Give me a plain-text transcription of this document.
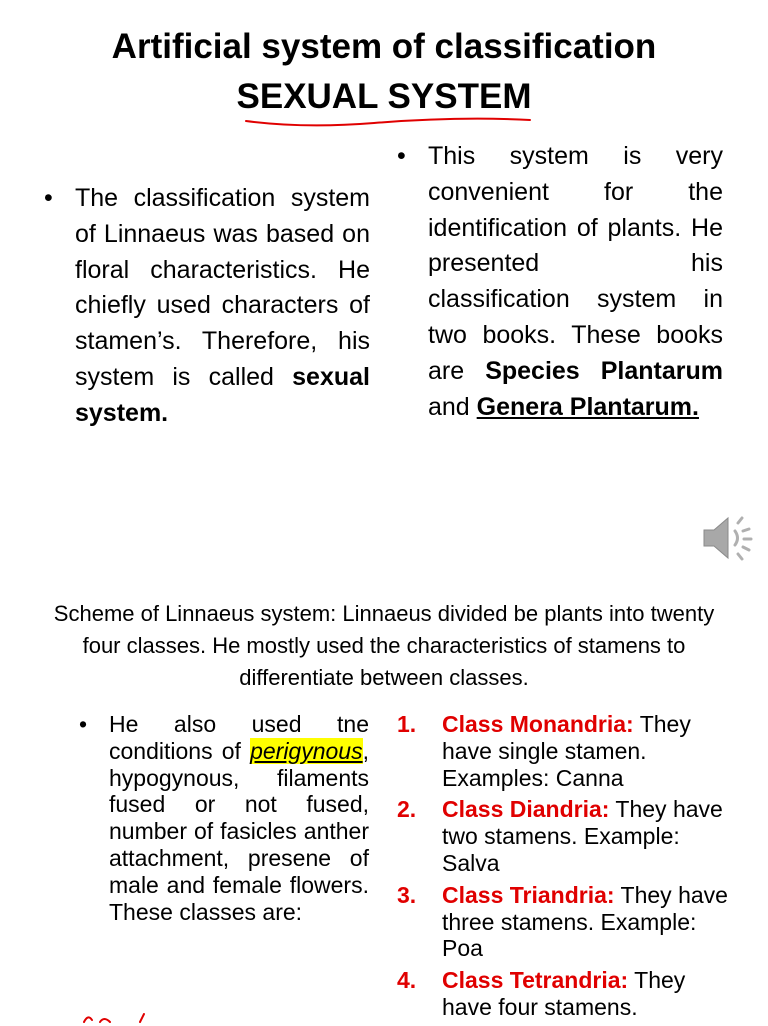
Artificial system of classification
SEXUAL SYSTEM
• The classification system of Linnaeus was based on floral characteristics. He chiefly used characters of stamen’s. Therefore, his system is called sexual system.

• This system is very convenient for the identification of plants. He presented his classification system in two books. These books are Species Plantarum and Genera Plantarum.

Scheme of Linnaeus system: Linnaeus divided be plants into twenty four classes. He mostly used the characteristics of stamens to differentiate between classes.

• He also used tne conditions of perigynous, hypogynous, filaments fused or not fused, number of fasicles anther attachment, presene of male and female flowers. These classes are:

1. Class Monandria: They have single stamen. Examples: Canna
2. Class Diandria: They have two stamens. Example: Salva
3. Class Triandria: They have three stamens. Example: Poa
4. Class Tetrandria: They have four stamens.
